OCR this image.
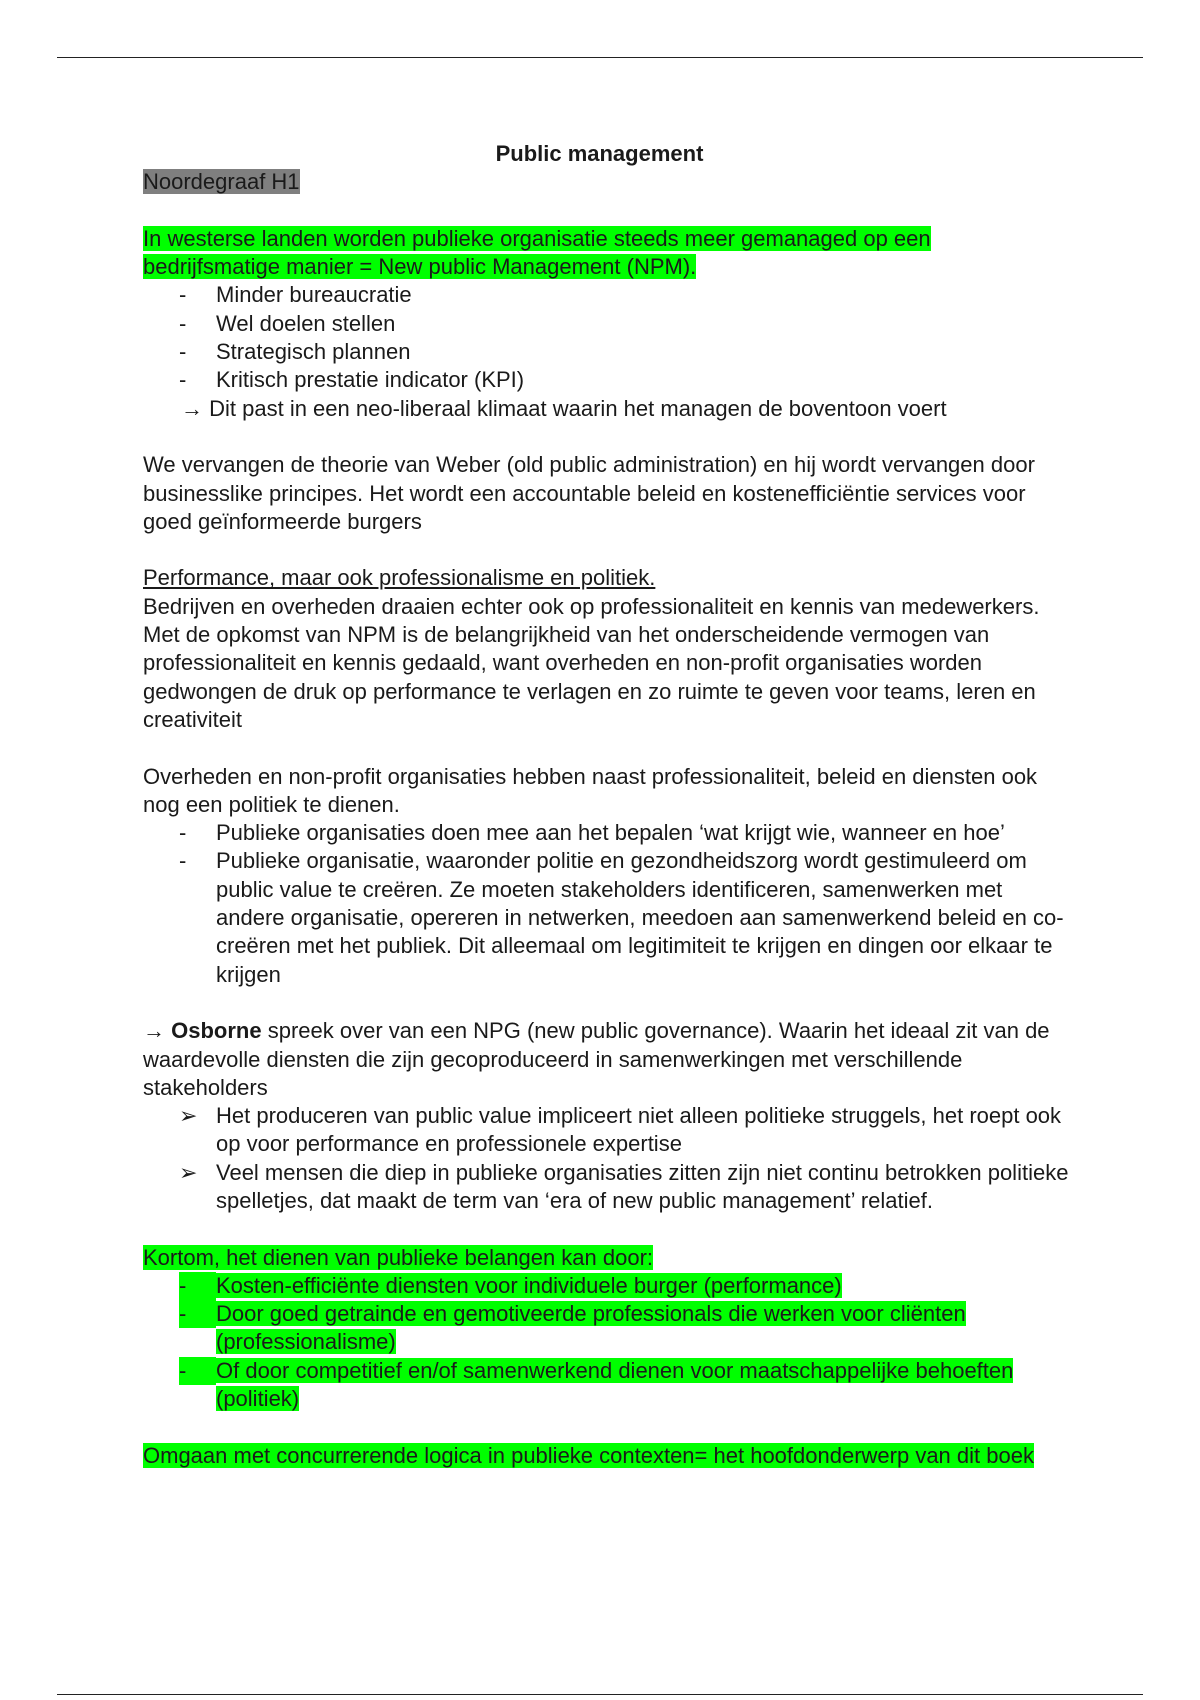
Public management

Noordegraaf H1

In westerse landen worden publieke organisatie steeds meer gemanaged op een bedrijfsmatige manier = New public Management (NPM).

- Minder bureaucratie
- Wel doelen stellen
- Strategisch plannen
- Kritisch prestatie indicator (KPI)

→ Dit past in een neo-liberaal klimaat waarin het managen de boventoon voert

We vervangen de theorie van Weber (old public administration) en hij wordt vervangen door businesslike principes. Het wordt een accountable beleid en kostenefficiëntie services voor goed geïnformeerde burgers

Performance, maar ook professionalisme en politiek.

Bedrijven en overheden draaien echter ook op professionaliteit en kennis van medewerkers. Met de opkomst van NPM is de belangrijkheid van het onderscheidende vermogen van professionaliteit en kennis gedaald, want overheden en non-profit organisaties worden gedwongen de druk op performance te verlagen en zo ruimte te geven voor teams, leren en creativiteit

Overheden en non-profit organisaties hebben naast professionaliteit, beleid en diensten ook nog een politiek te dienen.

- Publieke organisaties doen mee aan het bepalen ‘wat krijgt wie, wanneer en hoe’
- Publieke organisatie, waaronder politie en gezondheidszorg wordt gestimuleerd om public value te creëren. Ze moeten stakeholders identificeren, samenwerken met andere organisatie, opereren in netwerken, meedoen aan samenwerkend beleid en co-creëren met het publiek. Dit alleemaal om legitimiteit te krijgen en dingen oor elkaar te krijgen

→ Osborne spreek over van een NPG (new public governance). Waarin het ideaal zit van de waardevolle diensten die zijn gecoproduceerd in samenwerkingen met verschillende stakeholders

➢ Het produceren van public value impliceert niet alleen politieke struggels, het roept ook op voor performance en professionele expertise
➢ Veel mensen die diep in publieke organisaties zitten zijn niet continu betrokken politieke spelletjes, dat maakt de term van ‘era of new public management’ relatief.

Kortom, het dienen van publieke belangen kan door:

-	Kosten-efficiënte diensten voor individuele burger (performance)
-	Door goed getrainde en gemotiveerde professionals die werken voor cliënten (professionalisme)
-	Of door competitief en/of samenwerkend dienen voor maatschappelijke behoeften (politiek)

Omgaan met concurrerende logica in publieke contexten= het hoofdonderwerp van dit boek
